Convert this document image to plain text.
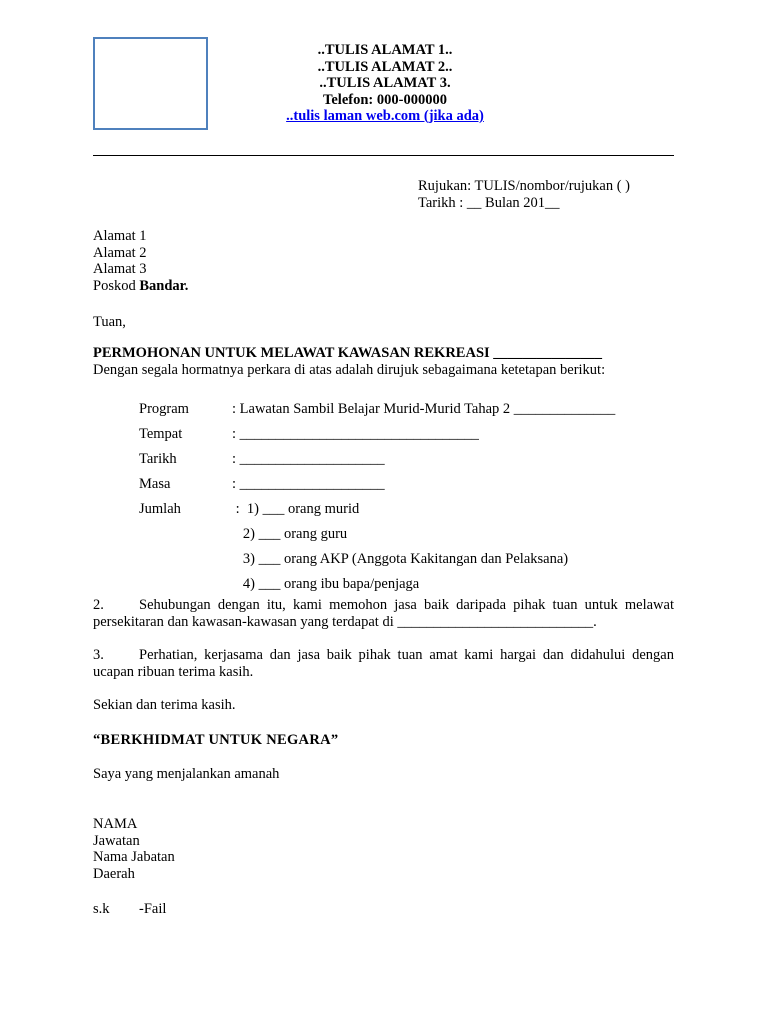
..TULIS ALAMAT 1..
..TULIS ALAMAT 2..
..TULIS ALAMAT 3.
Telefon: 000-000000
..tulis laman web.com (jika ada)
Rujukan: TULIS/nombor/rujukan ( )
Tarikh : __ Bulan 201__
Alamat 1
Alamat 2
Alamat 3
Poskod Bandar.
Tuan,
PERMOHONAN UNTUK MELAWAT KAWASAN REKREASI _______________
Dengan segala hormatnya perkara di atas adalah dirujuk sebagaimana ketetapan berikut:
Program	: Lawatan Sambil Belajar Murid-Murid Tahap 2 ______________
Tempat	: _________________________________
Tarikh	: ____________________
Masa	: ____________________
Jumlah	:  1) ___ orang murid
2) ___ orang guru
3) ___ orang AKP (Anggota Kakitangan dan Pelaksana)
4) ___ orang ibu bapa/penjaga
2. Sehubungan dengan itu, kami memohon jasa baik daripada pihak tuan untuk melawat persekitaran dan kawasan-kawasan yang terdapat di ___________________________.
3. Perhatian, kerjasama dan jasa baik pihak tuan amat kami hargai dan didahului dengan ucapan ribuan terima kasih.
Sekian dan terima kasih.
“BERKHIDMAT UNTUK NEGARA”
Saya yang menjalankan amanah
NAMA
Jawatan
Nama Jabatan
Daerah
s.k -Fail
